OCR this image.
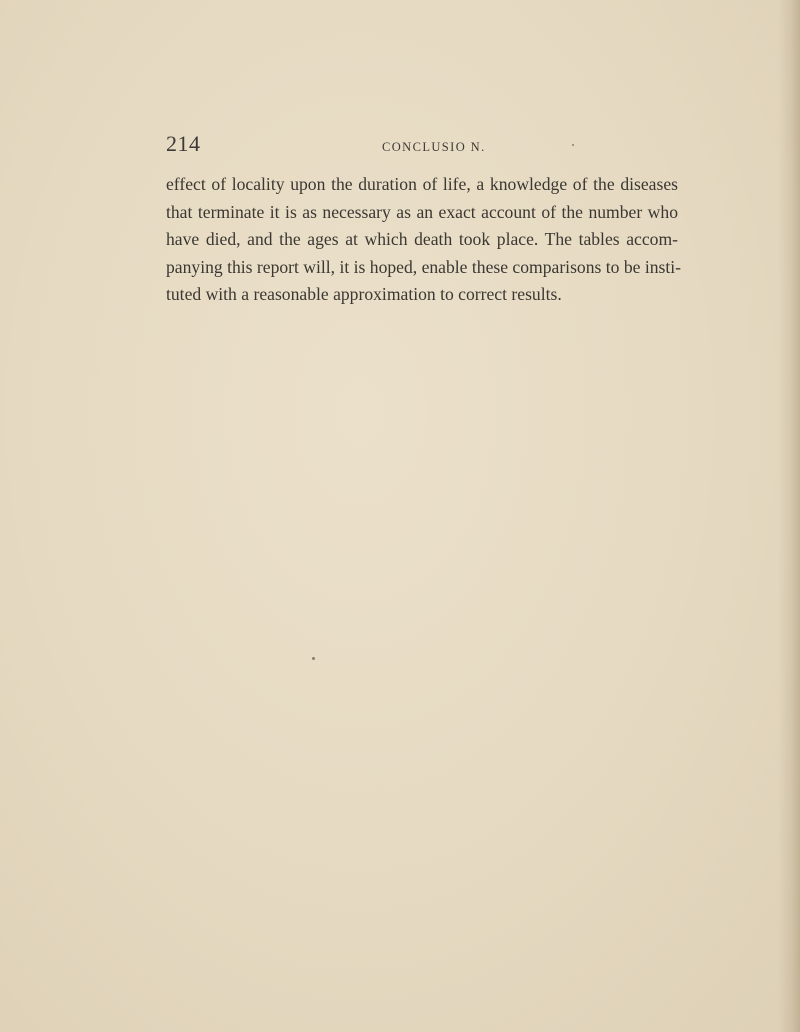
214	CONCLUSIO N.

effect of locality upon the duration of life, a knowledge of the diseases
that terminate it is as necessary as an exact account of the number who
have died, and the ages at which death took place. The tables accom-
panying this report will, it is hoped, enable these comparisons to be insti-
tuted with a reasonable approximation to correct results.
